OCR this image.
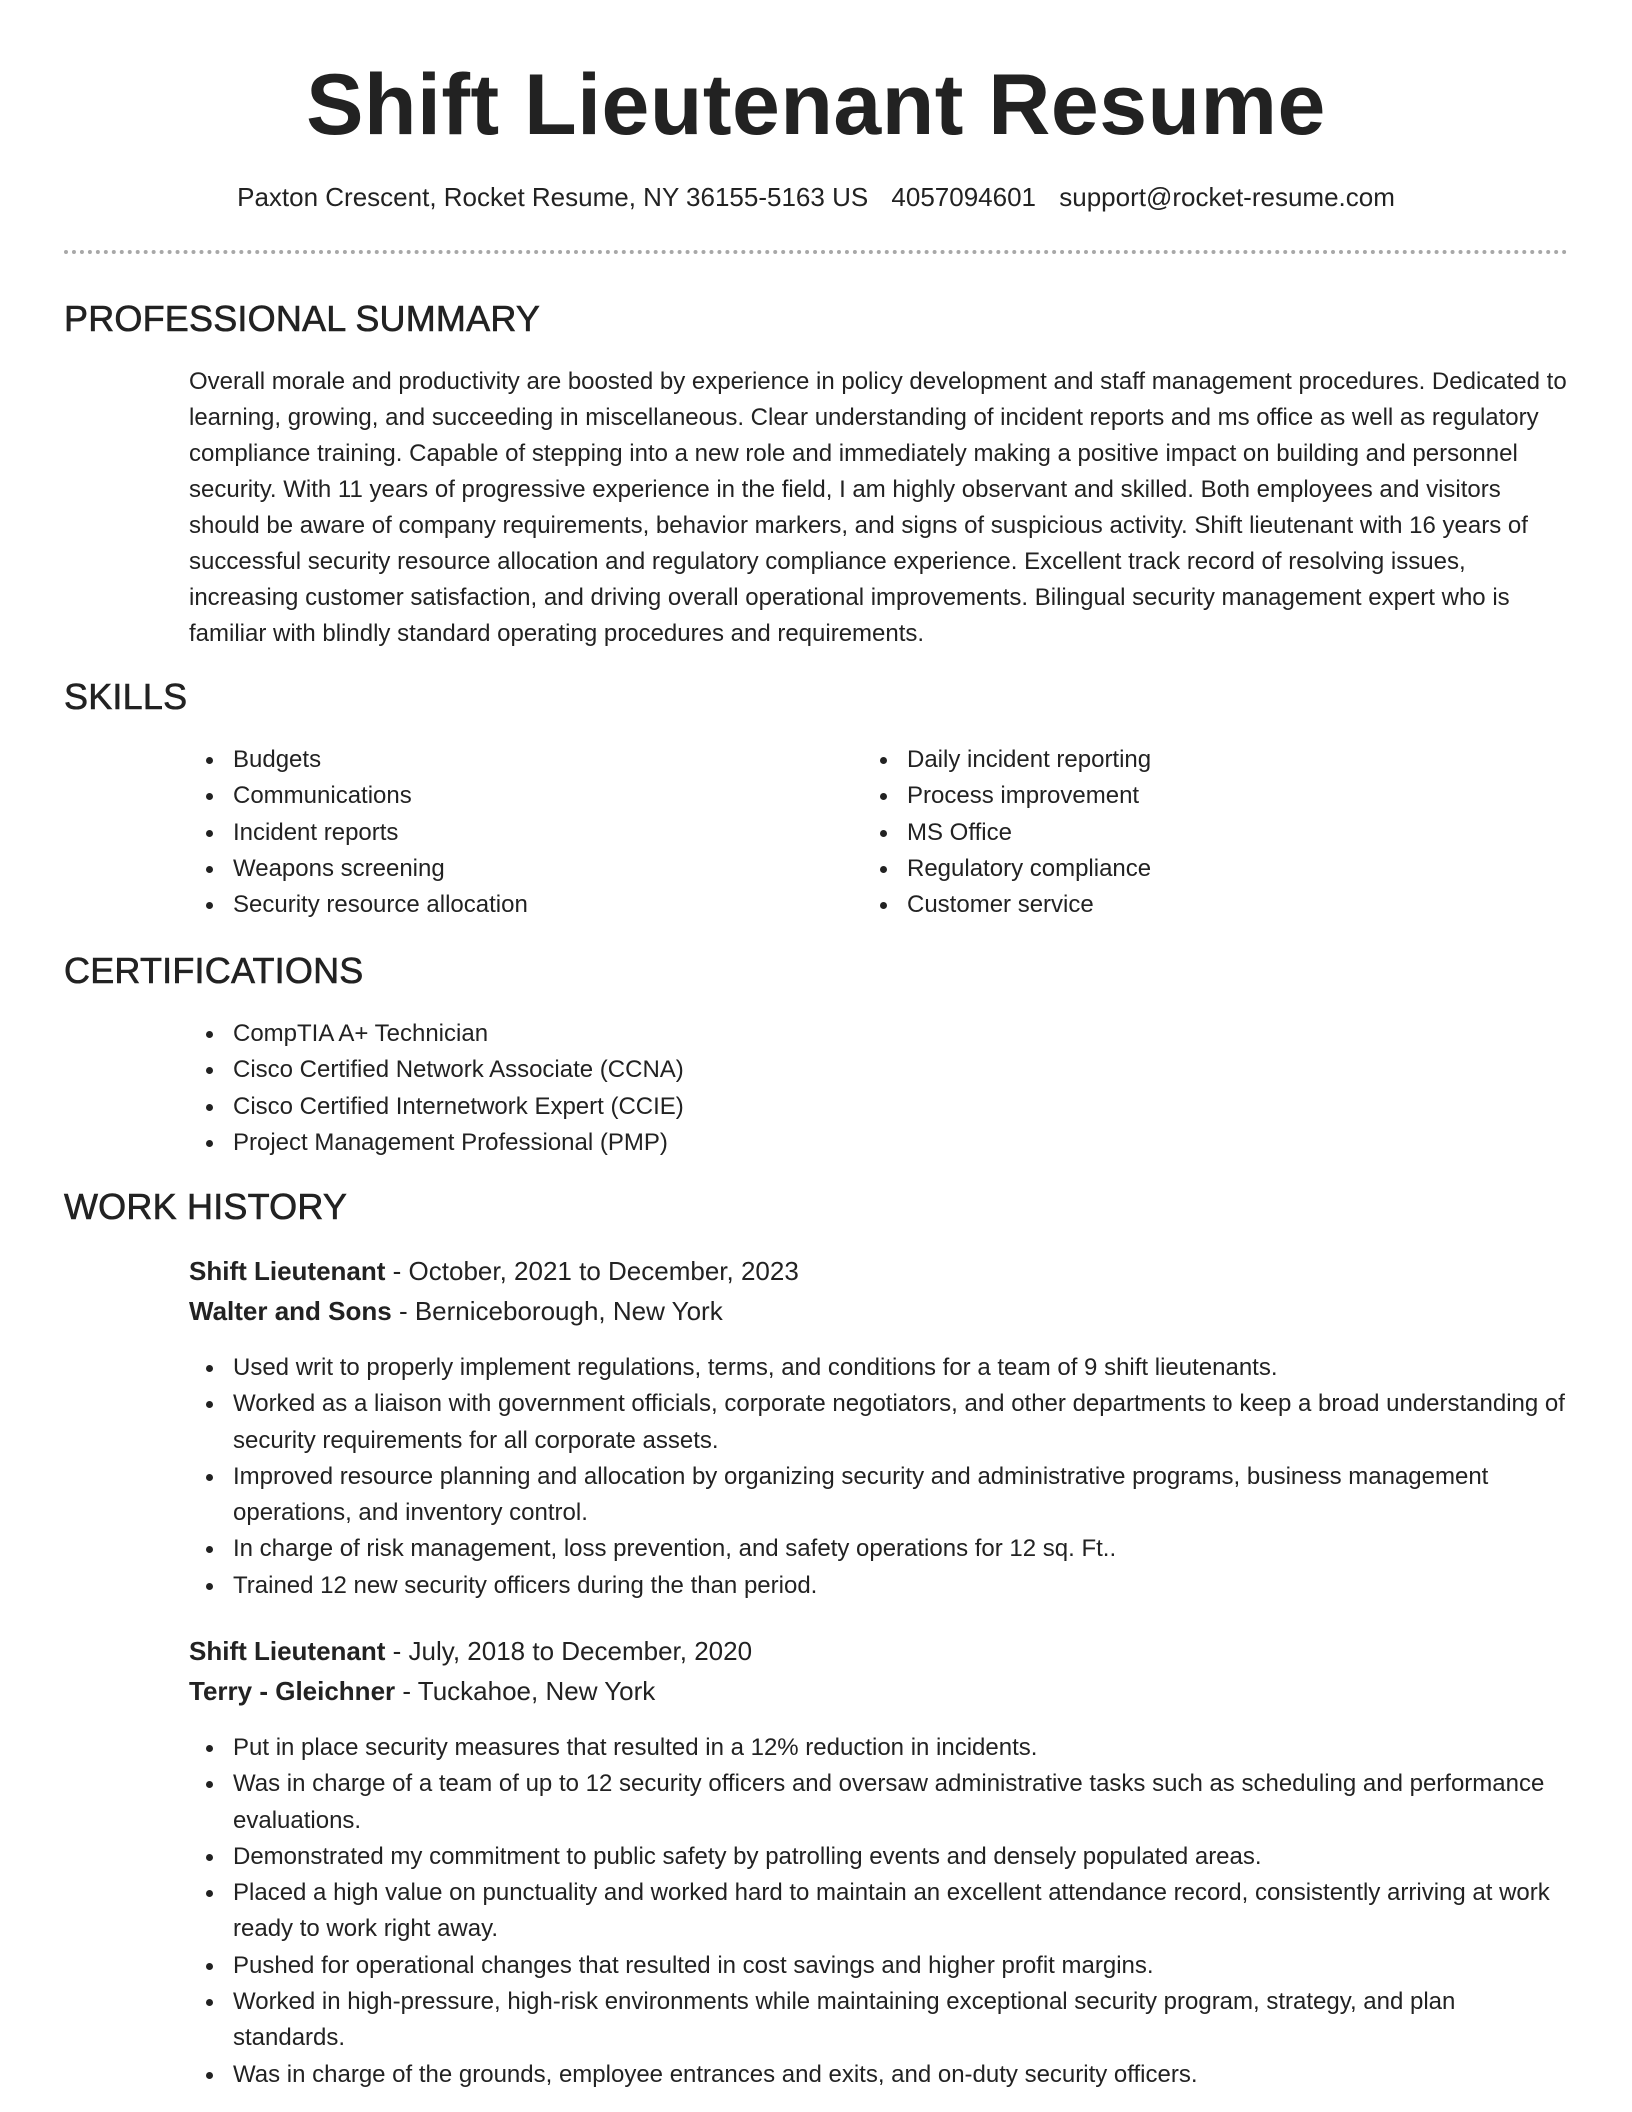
Shift Lieutenant Resume
Paxton Crescent, Rocket Resume, NY 36155-5163 US 4057094601 support@rocket-resume.com
PROFESSIONAL SUMMARY

Overall morale and productivity are boosted by experience in policy development and staff management procedures. Dedicated to learning, growing, and succeeding in miscellaneous. Clear understanding of incident reports and ms office as well as regulatory compliance training. Capable of stepping into a new role and immediately making a positive impact on building and personnel security. With 11 years of progressive experience in the field, I am highly observant and skilled. Both employees and visitors should be aware of company requirements, behavior markers, and signs of suspicious activity. Shift lieutenant with 16 years of successful security resource allocation and regulatory compliance experience. Excellent track record of resolving issues, increasing customer satisfaction, and driving overall operational improvements. Bilingual security management expert who is familiar with blindly standard operating procedures and requirements.

SKILLS
Budgets
Communications
Incident reports
Weapons screening
Security resource allocation
Daily incident reporting
Process improvement
MS Office
Regulatory compliance
Customer service
CERTIFICATIONS
CompTIA A+ Technician
Cisco Certified Network Associate (CCNA)
Cisco Certified Internetwork Expert (CCIE)
Project Management Professional (PMP)
WORK HISTORY
Shift Lieutenant - October, 2021 to December, 2023
Walter and Sons - Berniceborough, New York
Used writ to properly implement regulations, terms, and conditions for a team of 9 shift lieutenants.
Worked as a liaison with government officials, corporate negotiators, and other departments to keep a broad understanding of security requirements for all corporate assets.
Improved resource planning and allocation by organizing security and administrative programs, business management operations, and inventory control.
In charge of risk management, loss prevention, and safety operations for 12 sq. Ft..
Trained 12 new security officers during the than period.
Shift Lieutenant - July, 2018 to December, 2020
Terry - Gleichner - Tuckahoe, New York
Put in place security measures that resulted in a 12% reduction in incidents.
Was in charge of a team of up to 12 security officers and oversaw administrative tasks such as scheduling and performance evaluations.
Demonstrated my commitment to public safety by patrolling events and densely populated areas.
Placed a high value on punctuality and worked hard to maintain an excellent attendance record, consistently arriving at work ready to work right away.
Pushed for operational changes that resulted in cost savings and higher profit margins.
Worked in high-pressure, high-risk environments while maintaining exceptional security program, strategy, and plan standards.
Was in charge of the grounds, employee entrances and exits, and on-duty security officers.
